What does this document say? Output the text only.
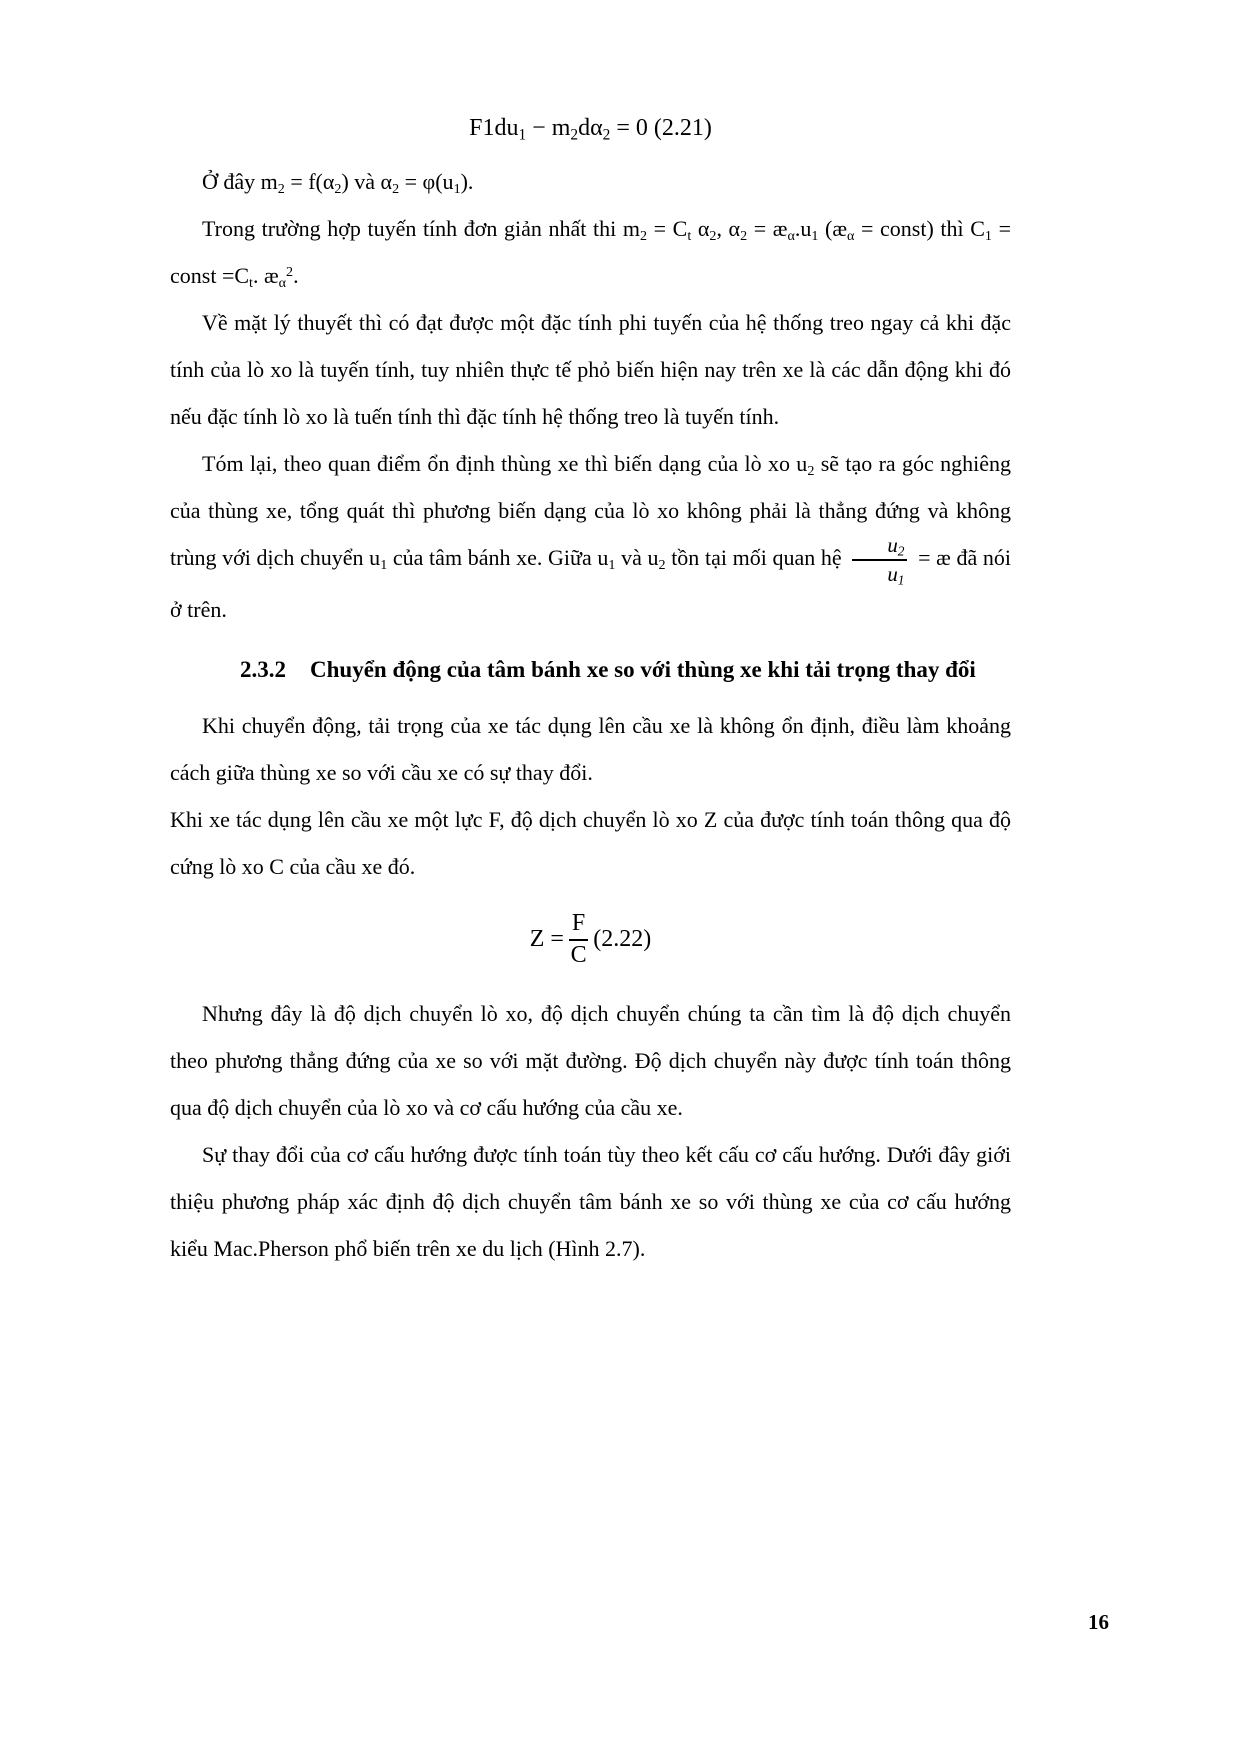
$F1du_1 - m_2d\alpha_2 = 0$ (2.21)

Ở đây $m_2 = f(\alpha_2)$ và $\alpha_2 = \varphi(u_1)$.

Trong trường hợp tuyến tính đơn giản nhất thi $m_2 = C_t$ $\alpha_2$, $\alpha_2$ = $æ_\alpha.u_1$ ($æ_\alpha$ = const) thì $C_1$ = const $=C_t$. $æ_\alpha^2$.

Về mặt lý thuyết thì có đạt được một đặc tính phi tuyến của hệ thống treo ngay cả khi đặc tính của lò xo là tuyến tính, tuy nhiên thực tế phỏ biến hiện nay trên xe là các dẫn động khi đó nếu đặc tính lò xo là tuến tính thì đặc tính hệ thống treo là tuyến tính.

Tóm lại, theo quan điểm ổn định thùng xe thì biến dạng của lò xo $u_2$ sẽ tạo ra góc nghiêng của thùng xe, tổng quát thì phương biến dạng của lò xo không phải là thẳng đứng và không trùng với dịch chuyển $u_1$ của tâm bánh xe. Giữa $u_1$ và $u_2$ tồn tại mối quan hệ $\frac{u_2}{u_1}$ = æ đã nói ở trên.

2.3.2 Chuyển động của tâm bánh xe so với thùng xe khi tải trọng thay đổi

Khi chuyển động, tải trọng của xe tác dụng lên cầu xe là không ổn định, điều làm khoảng cách giữa thùng xe so với cầu xe có sự thay đổi.

Khi xe tác dụng lên cầu xe một lực F, độ dịch chuyển lò xo Z của được tính toán thông qua độ cứng lò xo C của cầu xe đó.

$Z = \frac{F}{C} (2.22)$

Nhưng đây là độ dịch chuyển lò xo, độ dịch chuyển chúng ta cần tìm là độ dịch chuyển theo phương thẳng đứng của xe so với mặt đường. Độ dịch chuyển này được tính toán thông qua độ dịch chuyển của lò xo và cơ cấu hướng của cầu xe.

Sự thay đổi của cơ cấu hướng được tính toán tùy theo kết cấu cơ cấu hướng. Dưới đây giới thiệu phương pháp xác định độ dịch chuyển tâm bánh xe so với thùng xe của cơ cấu hướng kiểu Mac.Pherson phổ biến trên xe du lịch (Hình 2.7).

16
